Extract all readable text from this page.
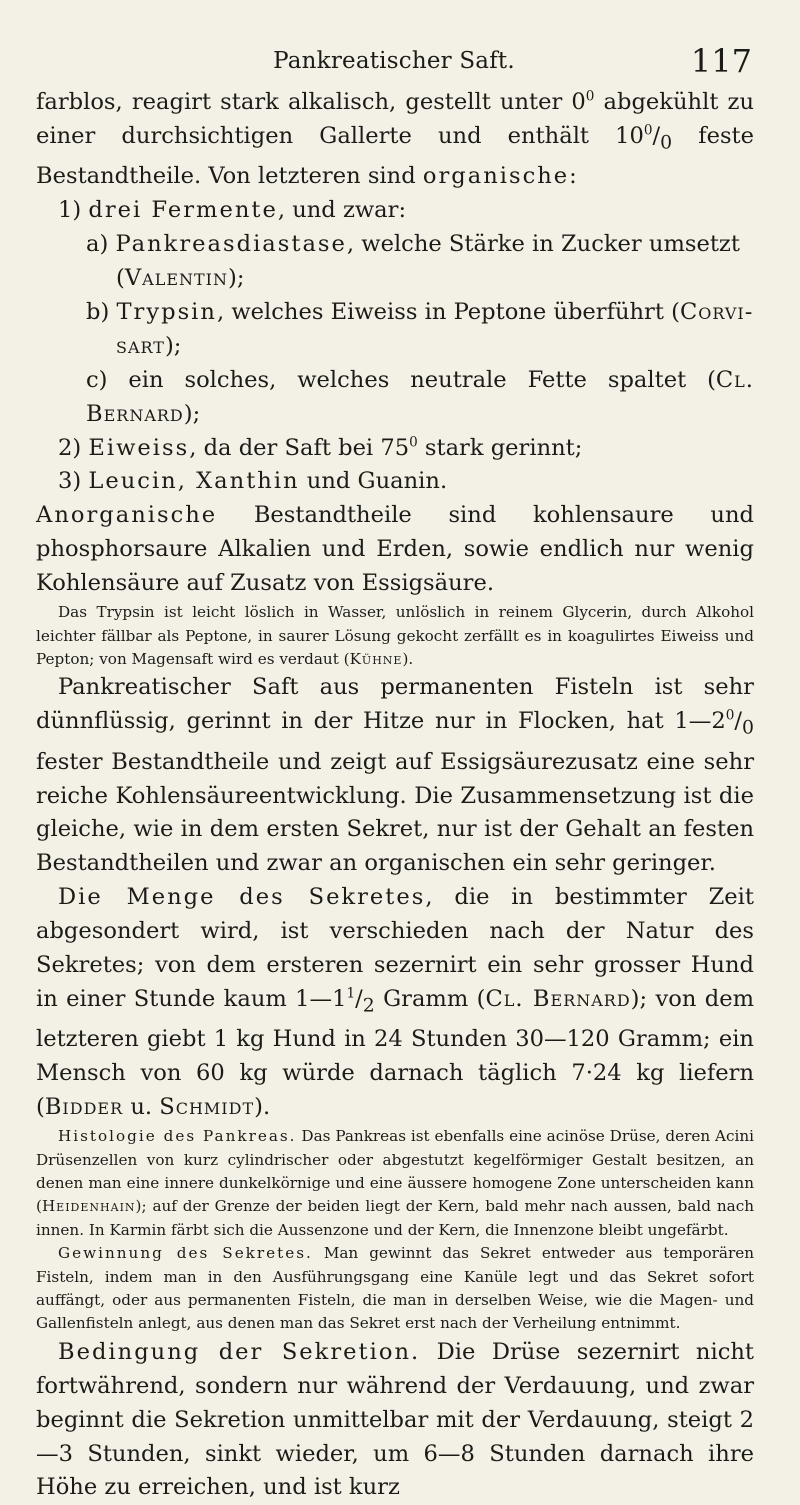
Pankreatischer Saft.	117

farblos, reagirt stark alkalisch, gestellt unter $0^0$ abgekühlt zu einer durchsichtigen Gallerte und enthält $10^0/_0$ feste Bestandtheile. Von letzteren sind organische:

1) drei Fermente, und zwar:

a) Pankreasdiastase, welche Stärke in Zucker umsetzt

(Valentin);

b) Trypsin, welches Eiweiss in Peptone überführt (Corvi-

sart);

c) ein solches, welches neutrale Fette spaltet (Cl. Bernard);

2) Eiweiss, da der Saft bei $75^0$ stark gerinnt;

3) Leucin, Xanthin und Guanin.

Anorganische Bestandtheile sind kohlensaure und phosphorsaure Alkalien und Erden, sowie endlich nur wenig Kohlensäure auf Zusatz von Essigsäure.

Das Trypsin ist leicht löslich in Wasser, unlöslich in reinem Glycerin, durch Alkohol leichter fällbar als Peptone, in saurer Lösung gekocht zerfällt es in koagulirtes Eiweiss und Pepton; von Magensaft wird es verdaut (Kühne).

Pankreatischer Saft aus permanenten Fisteln ist sehr dünnflüssig, gerinnt in der Hitze nur in Flocken, hat $1—2^0/_0$ fester Bestandtheile und zeigt auf Essigsäurezusatz eine sehr reiche Kohlensäureentwicklung. Die Zusammensetzung ist die gleiche, wie in dem ersten Sekret, nur ist der Gehalt an festen Bestandtheilen und zwar an organischen ein sehr geringer.

Die Menge des Sekretes, die in bestimmter Zeit abgesondert wird, ist verschieden nach der Natur des Sekretes; von dem ersteren sezernirt ein sehr grosser Hund in einer Stunde kaum $1—1^1/_2$ Gramm (Cl. Bernard); von dem letzteren giebt 1 kg Hund in 24 Stunden 30—120 Gramm; ein Mensch von 60 kg würde darnach täglich 7·24 kg liefern (Bidder u. Schmidt).

Histologie des Pankreas. Das Pankreas ist ebenfalls eine acinöse Drüse, deren Acini Drüsenzellen von kurz cylindrischer oder abgestutzt kegelförmiger Gestalt besitzen, an denen man eine innere dunkelkörnige und eine äussere homogene Zone unterscheiden kann (Heidenhain); auf der Grenze der beiden liegt der Kern, bald mehr nach aussen, bald nach innen. In Karmin färbt sich die Aussenzone und der Kern, die Innenzone bleibt ungefärbt.

Gewinnung des Sekretes. Man gewinnt das Sekret entweder aus temporären Fisteln, indem man in den Ausführungsgang eine Kanüle legt und das Sekret sofort auffängt, oder aus permanenten Fisteln, die man in derselben Weise, wie die Magen- und Gallenfisteln anlegt, aus denen man das Sekret erst nach der Verheilung entnimmt.

Bedingung der Sekretion. Die Drüse sezernirt nicht fortwährend, sondern nur während der Verdauung, und zwar beginnt die Sekretion unmittelbar mit der Verdauung, steigt 2—3 Stunden, sinkt wieder, um 6—8 Stunden darnach ihre Höhe zu erreichen, und ist kurz
